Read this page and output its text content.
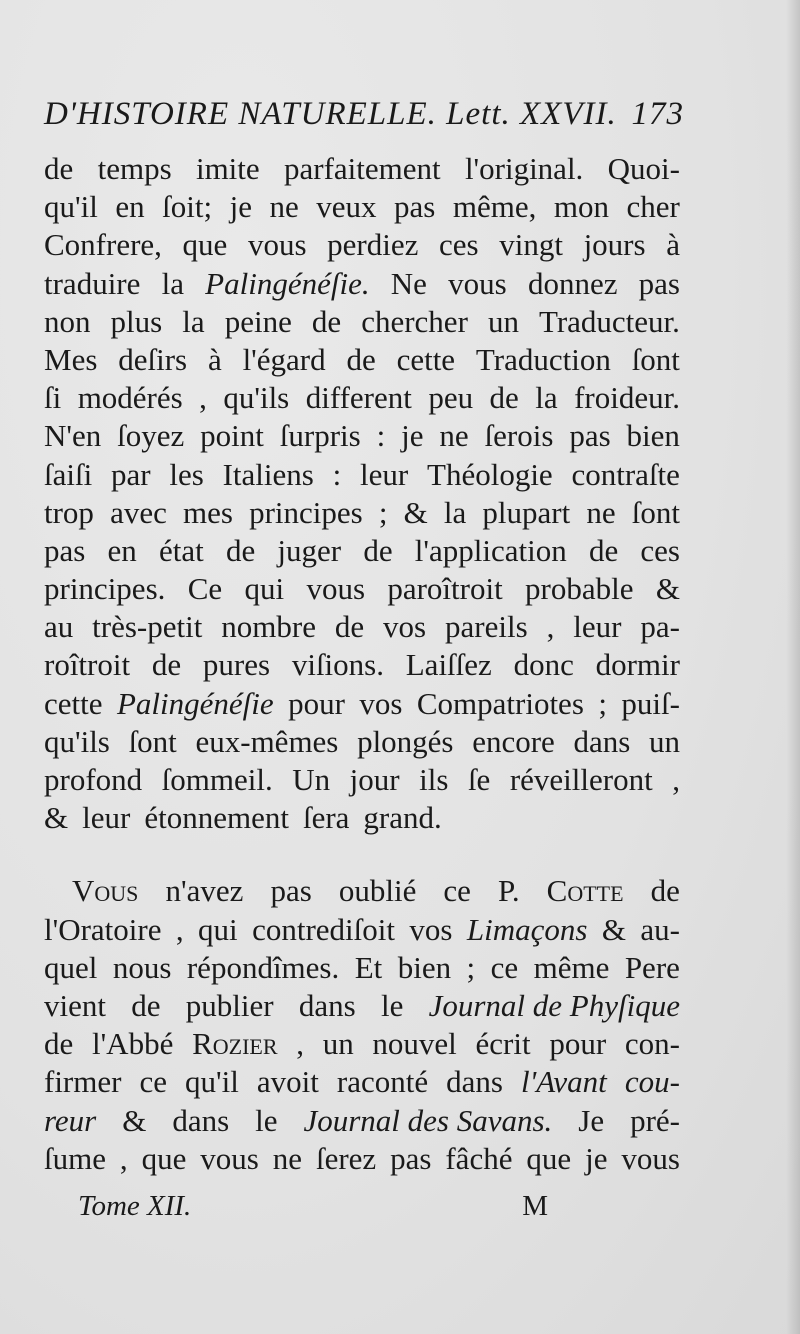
D'HISTOIRE NATURELLE. Lett. XXVII. 173
de temps imite parfaitement l'original. Quoi-
qu'il en ſoit; je ne veux pas même, mon cher
Confrere, que vous perdiez ces vingt jours à
traduire la Palingénéſie. Ne vous donnez pas
non plus la peine de chercher un Traducteur.
Mes deſirs à l'égard de cette Traduction ſont
ſi modérés , qu'ils different peu de la froideur.
N'en ſoyez point ſurpris : je ne ſerois pas bien
ſaiſi par les Italiens : leur Théologie contraſte
trop avec mes principes ; & la plupart ne ſont
pas en état de juger de l'application de ces
principes. Ce qui vous paroîtroit probable &
au très-petit nombre de vos pareils , leur pa-
roîtroit de pures viſions. Laiſſez donc dormir
cette Palingénéſie pour vos Compatriotes ; puiſ-
qu'ils ſont eux-mêmes plongés encore dans un
profond ſommeil. Un jour ils ſe réveilleront ,
& leur étonnement ſera grand.
Vous n'avez pas oublié ce P. Cotte de
l'Oratoire , qui contrediſoit vos Limaçons & au-
quel nous répondîmes. Et bien ; ce même Pere
vient de publier dans le Journal de Phyſique
de l'Abbé Rozier , un nouvel écrit pour con-
firmer ce qu'il avoit raconté dans l'Avant cou-
reur & dans le Journal des Savans. Je pré-
ſume , que vous ne ſerez pas fâché que je vous
Tome XII.	M
